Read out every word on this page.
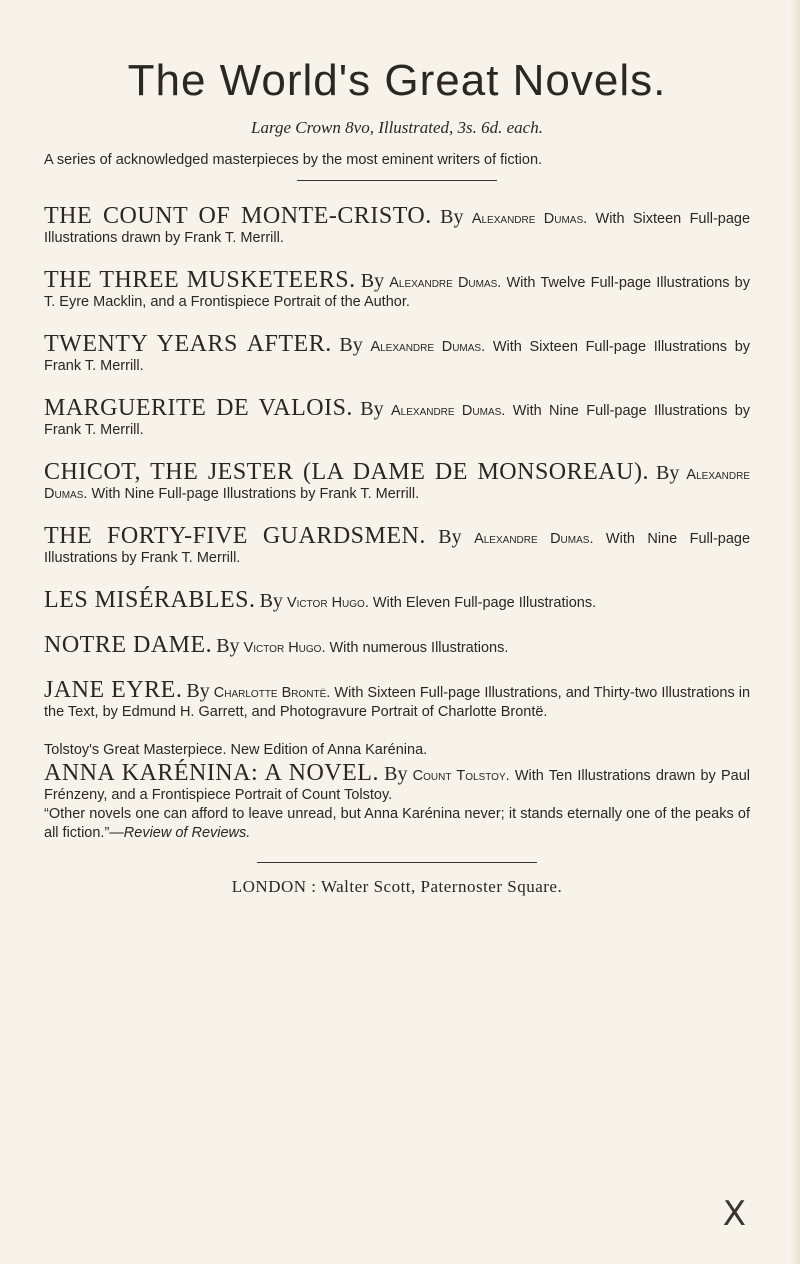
The World's Great Novels.

Large Crown 8vo, Illustrated, 3s. 6d. each.

A series of acknowledged masterpieces by the most eminent writers of fiction.

THE COUNT OF MONTE-CRISTO. By Alexandre Dumas. With Sixteen Full-page Illustrations drawn by Frank T. Merrill.

THE THREE MUSKETEERS. By Alexandre Dumas. With Twelve Full-page Illustrations by T. Eyre Macklin, and a Frontispiece Portrait of the Author.

TWENTY YEARS AFTER. By Alexandre Dumas. With Sixteen Full-page Illustrations by Frank T. Merrill.

MARGUERITE DE VALOIS. By Alexandre Dumas. With Nine Full-page Illustrations by Frank T. Merrill.

CHICOT, THE JESTER (LA DAME DE MONSOREAU). By Alexandre Dumas. With Nine Full-page Illustrations by Frank T. Merrill.

THE FORTY-FIVE GUARDSMEN. By Alexandre Dumas. With Nine Full-page Illustrations by Frank T. Merrill.

LES MISÉRABLES. By Victor Hugo. With Eleven Full-page Illustrations.

NOTRE DAME. By Victor Hugo. With numerous Illustrations.

JANE EYRE. By Charlotte Brontë. With Sixteen Full-page Illustrations, and Thirty-two Illustrations in the Text, by Edmund H. Garrett, and Photogravure Portrait of Charlotte Brontë.

Tolstoy's Great Masterpiece. New Edition of Anna Karénina.

ANNA KARÉNINA: A NOVEL. By Count Tolstoy. With Ten Illustrations drawn by Paul Frénzeny, and a Frontispiece Portrait of Count Tolstoy.

“Other novels one can afford to leave unread, but Anna Karénina never; it stands eternally one of the peaks of all fiction.”—Review of Reviews.

LONDON : Walter Scott, Paternoster Square.
X
